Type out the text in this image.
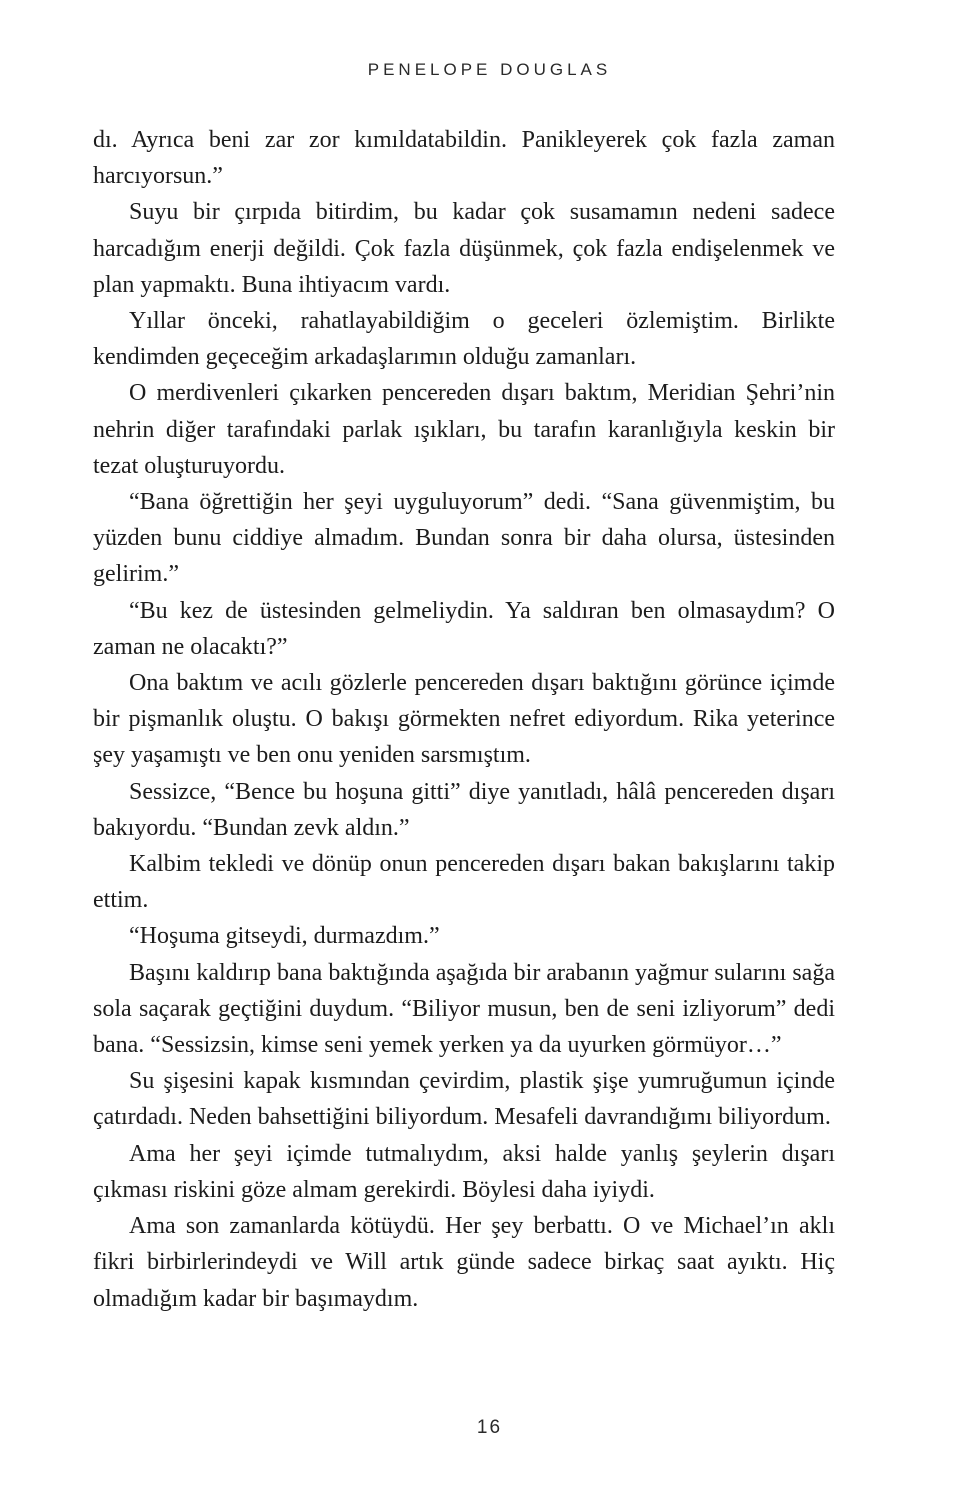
PENELOPE DOUGLAS

dı. Ayrıca beni zar zor kımıldatabildin. Panikleyerek çok fazla zaman harcıyorsun.”

Suyu bir çırpıda bitirdim, bu kadar çok susamamın nedeni sadece harcadığım enerji değildi. Çok fazla düşünmek, çok fazla endişelenmek ve plan yapmaktı. Buna ihtiyacım vardı.

Yıllar önceki, rahatlayabildiğim o geceleri özlemiştim. Birlikte kendimden geçeceğim arkadaşlarımın olduğu zamanları.

O merdivenleri çıkarken pencereden dışarı baktım, Meridian Şehri’nin nehrin diğer tarafındaki parlak ışıkları, bu tarafın karanlığıyla keskin bir tezat oluşturuyordu.

“Bana öğrettiğin her şeyi uyguluyorum” dedi. “Sana güvenmiştim, bu yüzden bunu ciddiye almadım. Bundan sonra bir daha olursa, üstesinden gelirim.”

“Bu kez de üstesinden gelmeliydin. Ya saldıran ben olmasaydım? O zaman ne olacaktı?”

Ona baktım ve acılı gözlerle pencereden dışarı baktığını görünce içimde bir pişmanlık oluştu. O bakışı görmekten nefret ediyordum. Rika yeterince şey yaşamıştı ve ben onu yeniden sarsmıştım.

Sessizce, “Bence bu hoşuna gitti” diye yanıtladı, hâlâ pencereden dışarı bakıyordu. “Bundan zevk aldın.”

Kalbim tekledi ve dönüp onun pencereden dışarı bakan bakışlarını takip ettim.

“Hoşuma gitseydi, durmazdım.”

Başını kaldırıp bana baktığında aşağıda bir arabanın yağmur sularını sağa sola saçarak geçtiğini duydum. “Biliyor musun, ben de seni izliyorum” dedi bana. “Sessizsin, kimse seni yemek yerken ya da uyurken görmüyor…”

Su şişesini kapak kısmından çevirdim, plastik şişe yumruğumun içinde çatırdadı. Neden bahsettiğini biliyordum. Mesafeli davrandığımı biliyordum.

Ama her şeyi içimde tutmalıydım, aksi halde yanlış şeylerin dışarı çıkması riskini göze almam gerekirdi. Böylesi daha iyiydi.

Ama son zamanlarda kötüydü. Her şey berbattı. O ve Michael’ın aklı fikri birbirlerindeydi ve Will artık günde sadece birkaç saat ayıktı. Hiç olmadığım kadar bir başımaydım.

16
